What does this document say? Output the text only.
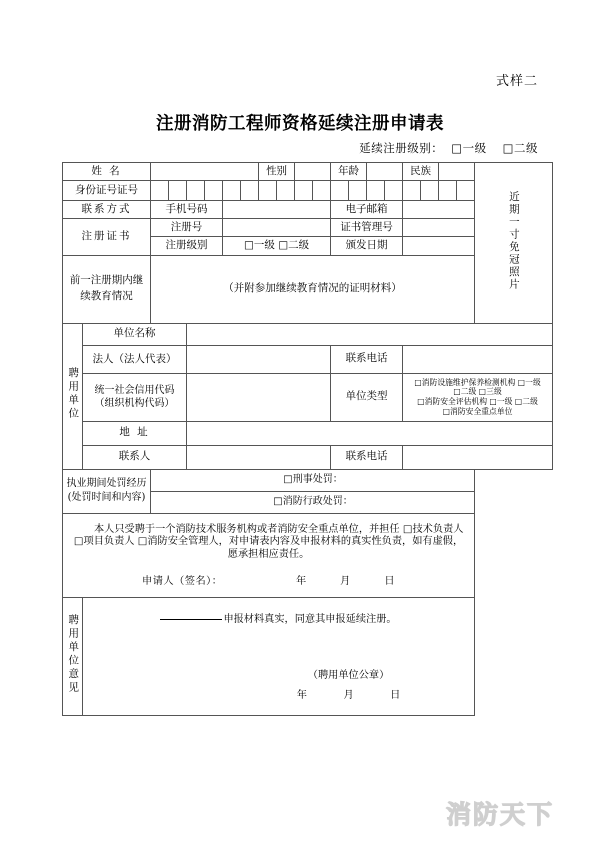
式样二
注册消防工程师资格延续注册申请表
延续注册级别： □一级 □二级
姓 名								性别				年龄				民族				近期一寸免冠照片
身份证号证号																				
联系方式		手机号码										电子邮箱								
注册证书		注册号										证书管理号								
		注册级别				□一级 □二级						颁发日期								
前一注册期内继续教育情况		（并附参加继续教育情况的证明材料）																		
聘用单位	单位名称																			
	法人（法人代表）											联系电话								
	统一社会信用代码（组织机构代码）											单位类型				□消防设施维护保养检测机构 □一级
□二级 □三级
□消防安全评估机构 □一级 □二级
□消防安全重点单位				

	地 址																			
	联系人											联系电话								
执业期间处罚经历
(处罚时间和内容)		□刑事处罚：																		
		□消防行政处罚：																		

本人只受聘于一个消防技术服务机构或者消防安全重点单位，并担任 □技术负责人 □项目负责人 □消防安全管理人，对申请表内容及申报材料的真实性负责，如有虚假，愿承担相应责任。

申请人（签名）： 年 月 日																				

聘用单位意见	申报材料真实，同意其申报延续注册。
（聘用单位公章）
年 月 日																			
消防天下
